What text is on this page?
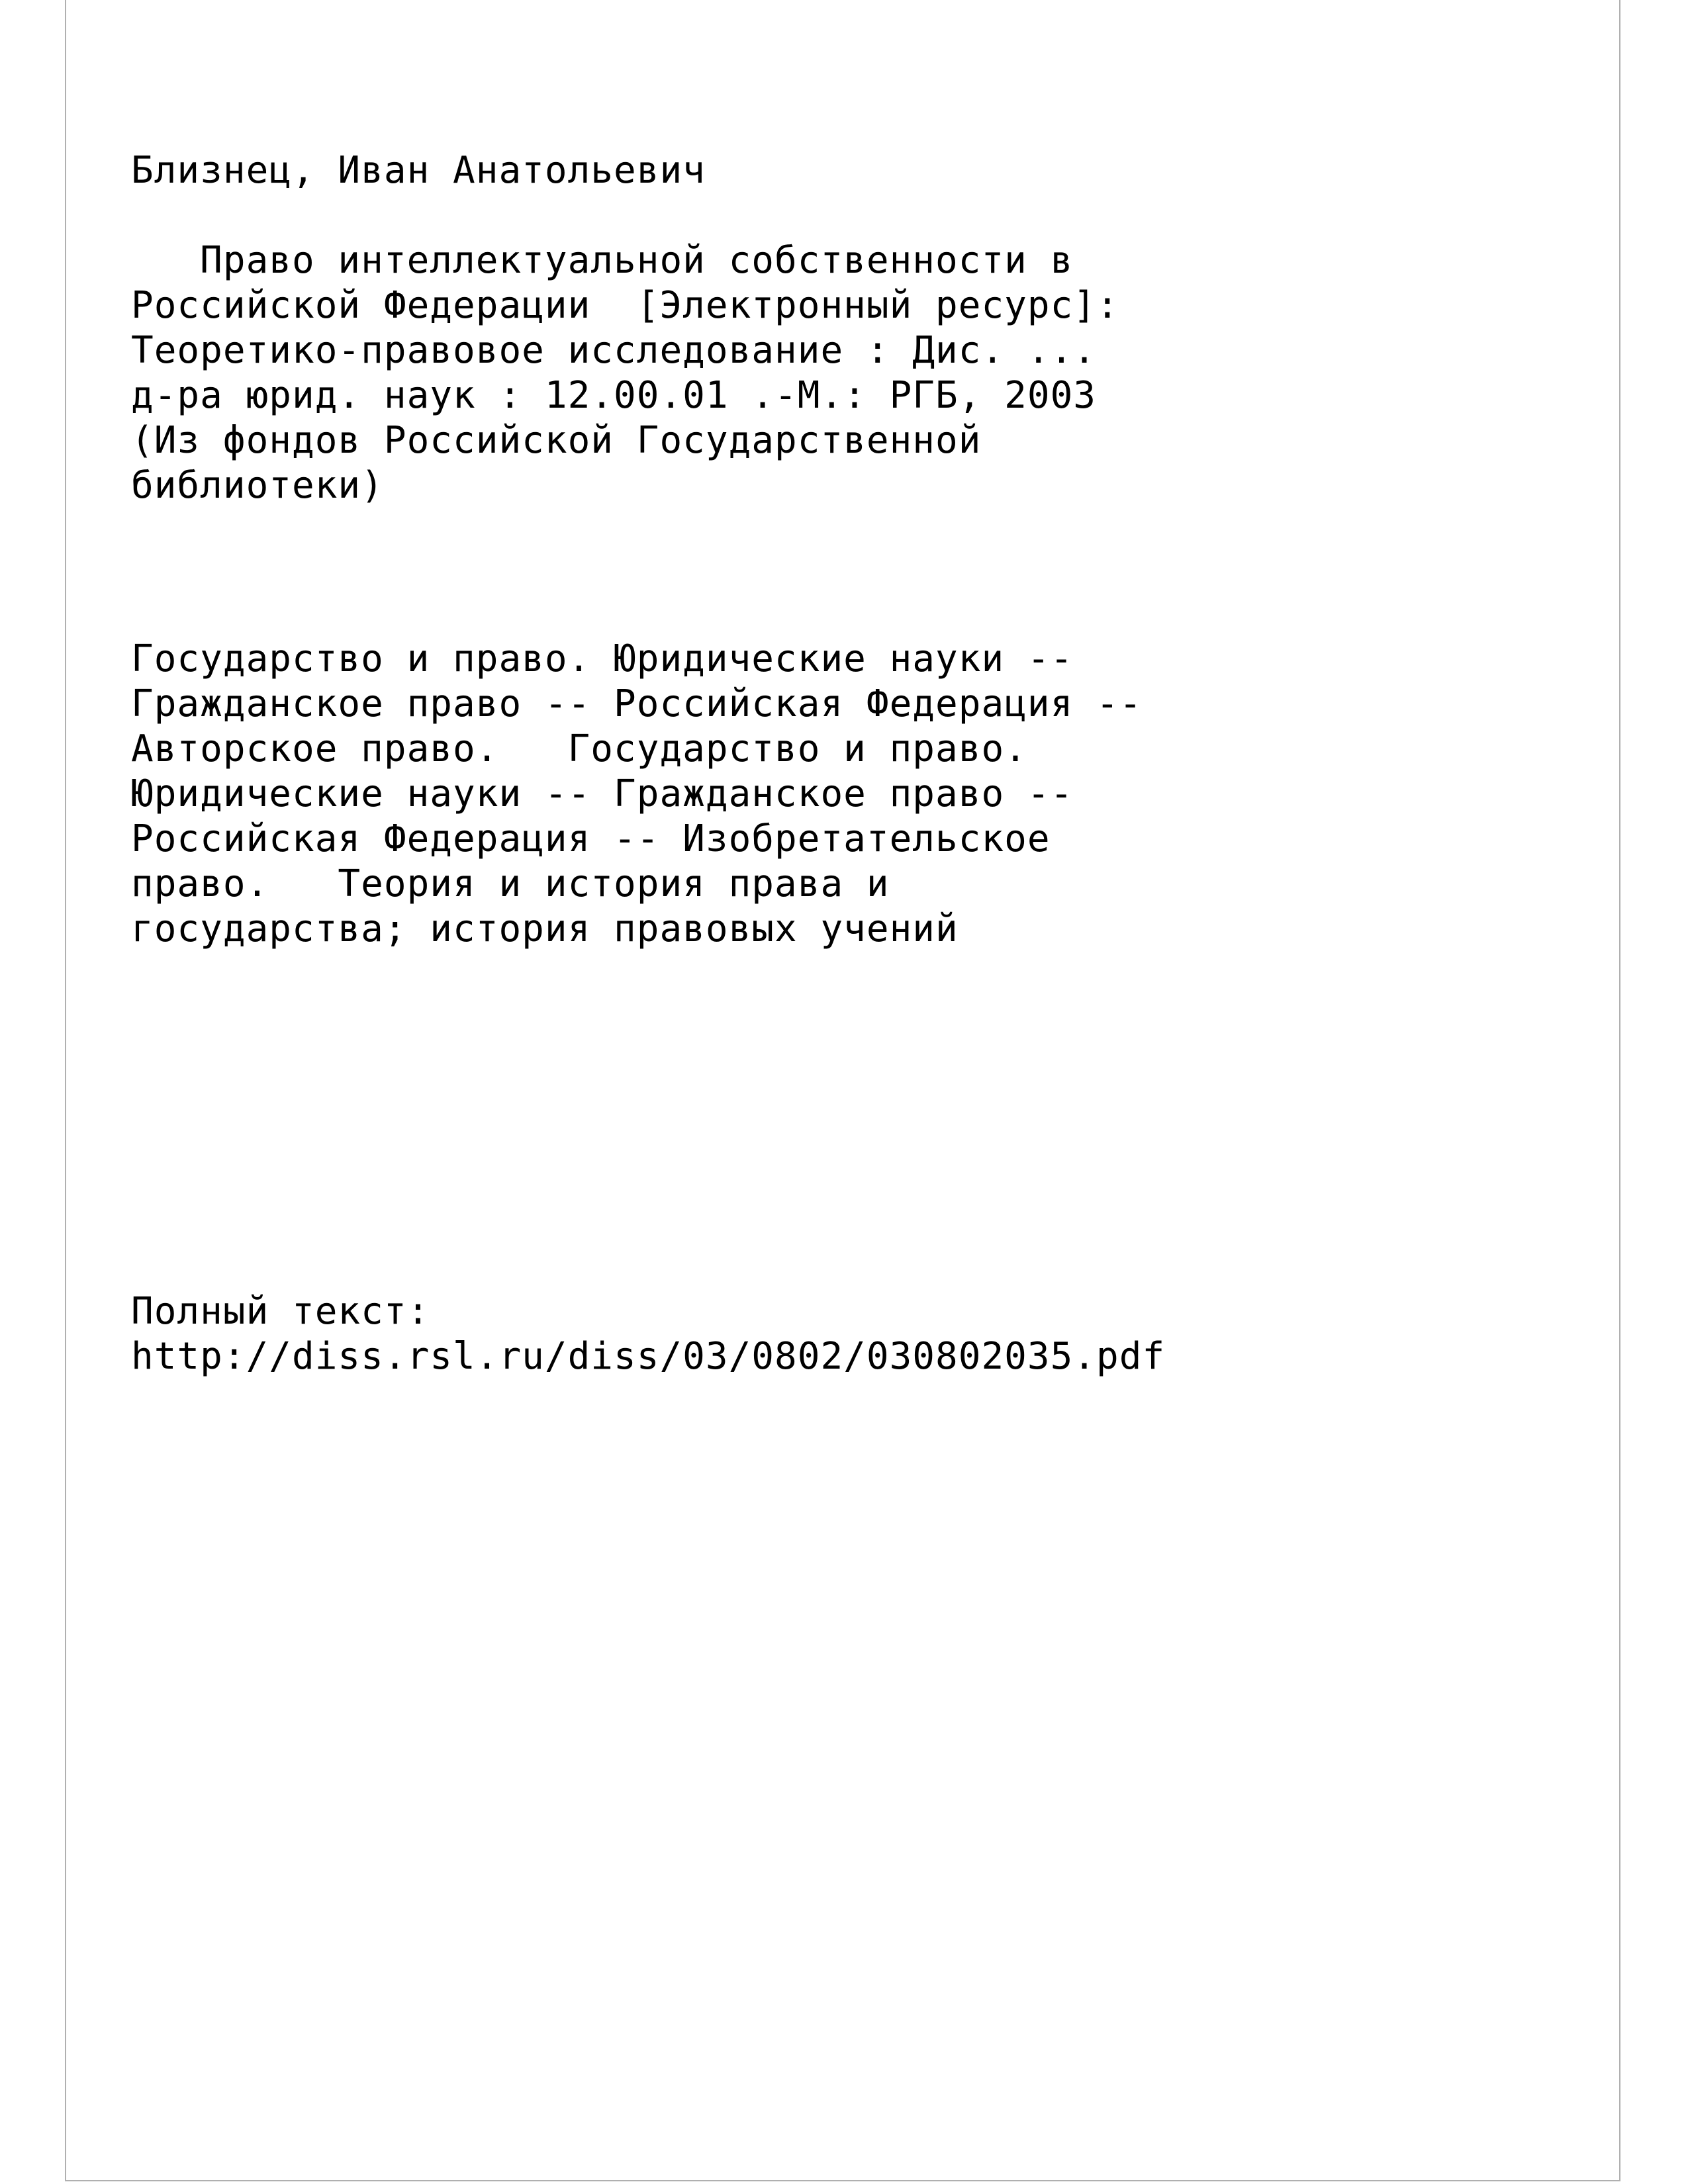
Близнец, Иван Анатольевич
Право интеллектуальной собственности в
Российской Федерации  [Электронный ресурс]:
Теоретико-правовое исследование : Дис. ...
д-ра юрид. наук : 12.00.01 .-М.: РГБ, 2003
(Из фондов Российской Государственной
библиотеки)
Государство и право. Юридические науки --
Гражданское право -- Российская Федерация --
Авторское право.   Государство и право.
Юридические науки -- Гражданское право --
Российская Федерация -- Изобретательское
право.   Теория и история права и
государства; история правовых учений
Полный текст:
http://diss.rsl.ru/diss/03/0802/030802035.pdf
